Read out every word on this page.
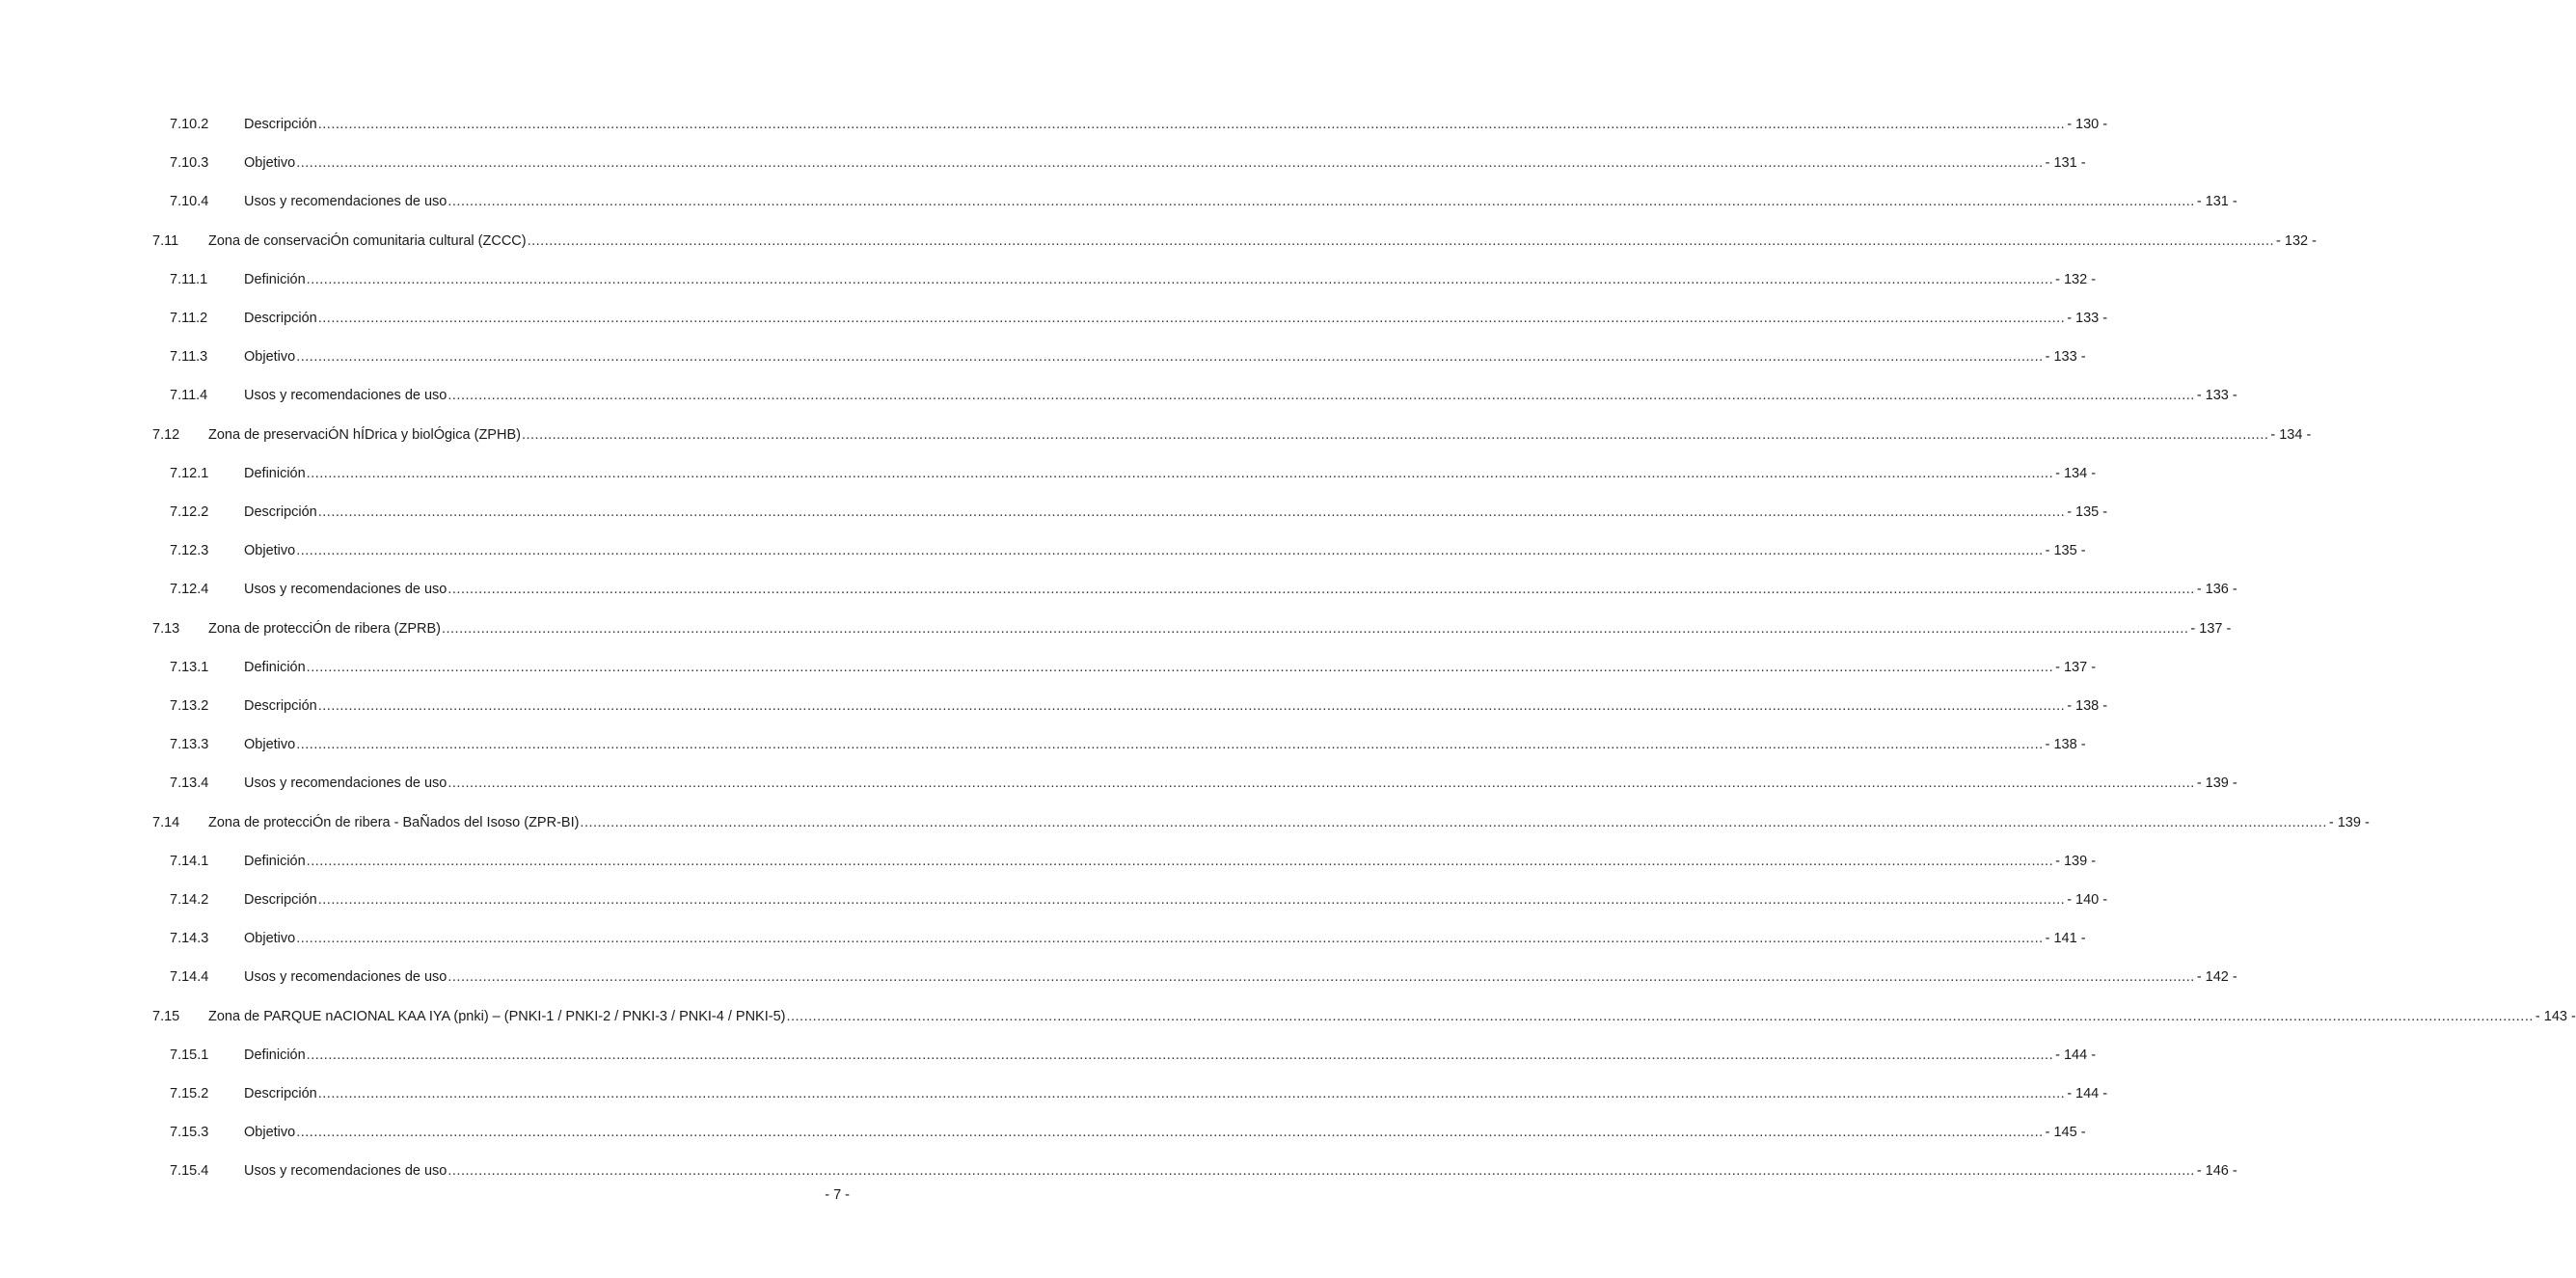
7.10.2	Descripción ................................................................................................................................................................................................................................................................................................................................................................................................................ - 130 -
7.10.3	Objetivo ................................................................................................................................................................................................................................................................................................................................................................................................................ - 131 -
7.10.4	Usos y recomendaciones de uso ................................................................................................................................................................................................................................................................................................................................................................................................................ - 131 -
7.11 Zona de conservaciÓn comunitaria cultural (ZCCC) ................................................................................................................................................................................................................................................................................................................................................................................................................ - 132 -
7.11.1	Definición ................................................................................................................................................................................................................................................................................................................................................................................................................ - 132 -
7.11.2	Descripción ................................................................................................................................................................................................................................................................................................................................................................................................................ - 133 -
7.11.3	Objetivo ................................................................................................................................................................................................................................................................................................................................................................................................................ - 133 -
7.11.4	Usos y recomendaciones de uso ................................................................................................................................................................................................................................................................................................................................................................................................................ - 133 -
7.12 Zona de preservaciÓN hÍDrica y biolÓgica (ZPHB) ................................................................................................................................................................................................................................................................................................................................................................................................................ - 134 -
7.12.1	Definición ................................................................................................................................................................................................................................................................................................................................................................................................................ - 134 -
7.12.2	Descripción ................................................................................................................................................................................................................................................................................................................................................................................................................ - 135 -
7.12.3	Objetivo ................................................................................................................................................................................................................................................................................................................................................................................................................ - 135 -
7.12.4	Usos y recomendaciones de uso ................................................................................................................................................................................................................................................................................................................................................................................................................ - 136 -
7.13 Zona de protecciÓn de ribera (ZPRB) ................................................................................................................................................................................................................................................................................................................................................................................................................ - 137 -
7.13.1	Definición ................................................................................................................................................................................................................................................................................................................................................................................................................ - 137 -
7.13.2	Descripción ................................................................................................................................................................................................................................................................................................................................................................................................................ - 138 -
7.13.3	Objetivo ................................................................................................................................................................................................................................................................................................................................................................................................................ - 138 -
7.13.4	Usos y recomendaciones de uso ................................................................................................................................................................................................................................................................................................................................................................................................................ - 139 -
7.14 Zona de protecciÓn de ribera - BaÑados del Isoso (ZPR-BI) ................................................................................................................................................................................................................................................................................................................................................................................................................ - 139 -
7.14.1	Definición ................................................................................................................................................................................................................................................................................................................................................................................................................ - 139 -
7.14.2	Descripción ................................................................................................................................................................................................................................................................................................................................................................................................................ - 140 -
7.14.3	Objetivo ................................................................................................................................................................................................................................................................................................................................................................................................................ - 141 -
7.14.4	Usos y recomendaciones de uso ................................................................................................................................................................................................................................................................................................................................................................................................................ - 142 -
7.15 Zona de PARQUE nACIONAL KAA IYA (pnki) – (PNKI-1 / PNKI-2 / PNKI-3 / PNKI-4 / PNKI-5) ................................................................................................................................................................................................................................................................................................................................................................................................................ - 143 -
7.15.1	Definición ................................................................................................................................................................................................................................................................................................................................................................................................................ - 144 -
7.15.2	Descripción ................................................................................................................................................................................................................................................................................................................................................................................................................ - 144 -
7.15.3	Objetivo ................................................................................................................................................................................................................................................................................................................................................................................................................ - 145 -
7.15.4	Usos y recomendaciones de uso ................................................................................................................................................................................................................................................................................................................................................................................................................ - 146 -
- 7 -
